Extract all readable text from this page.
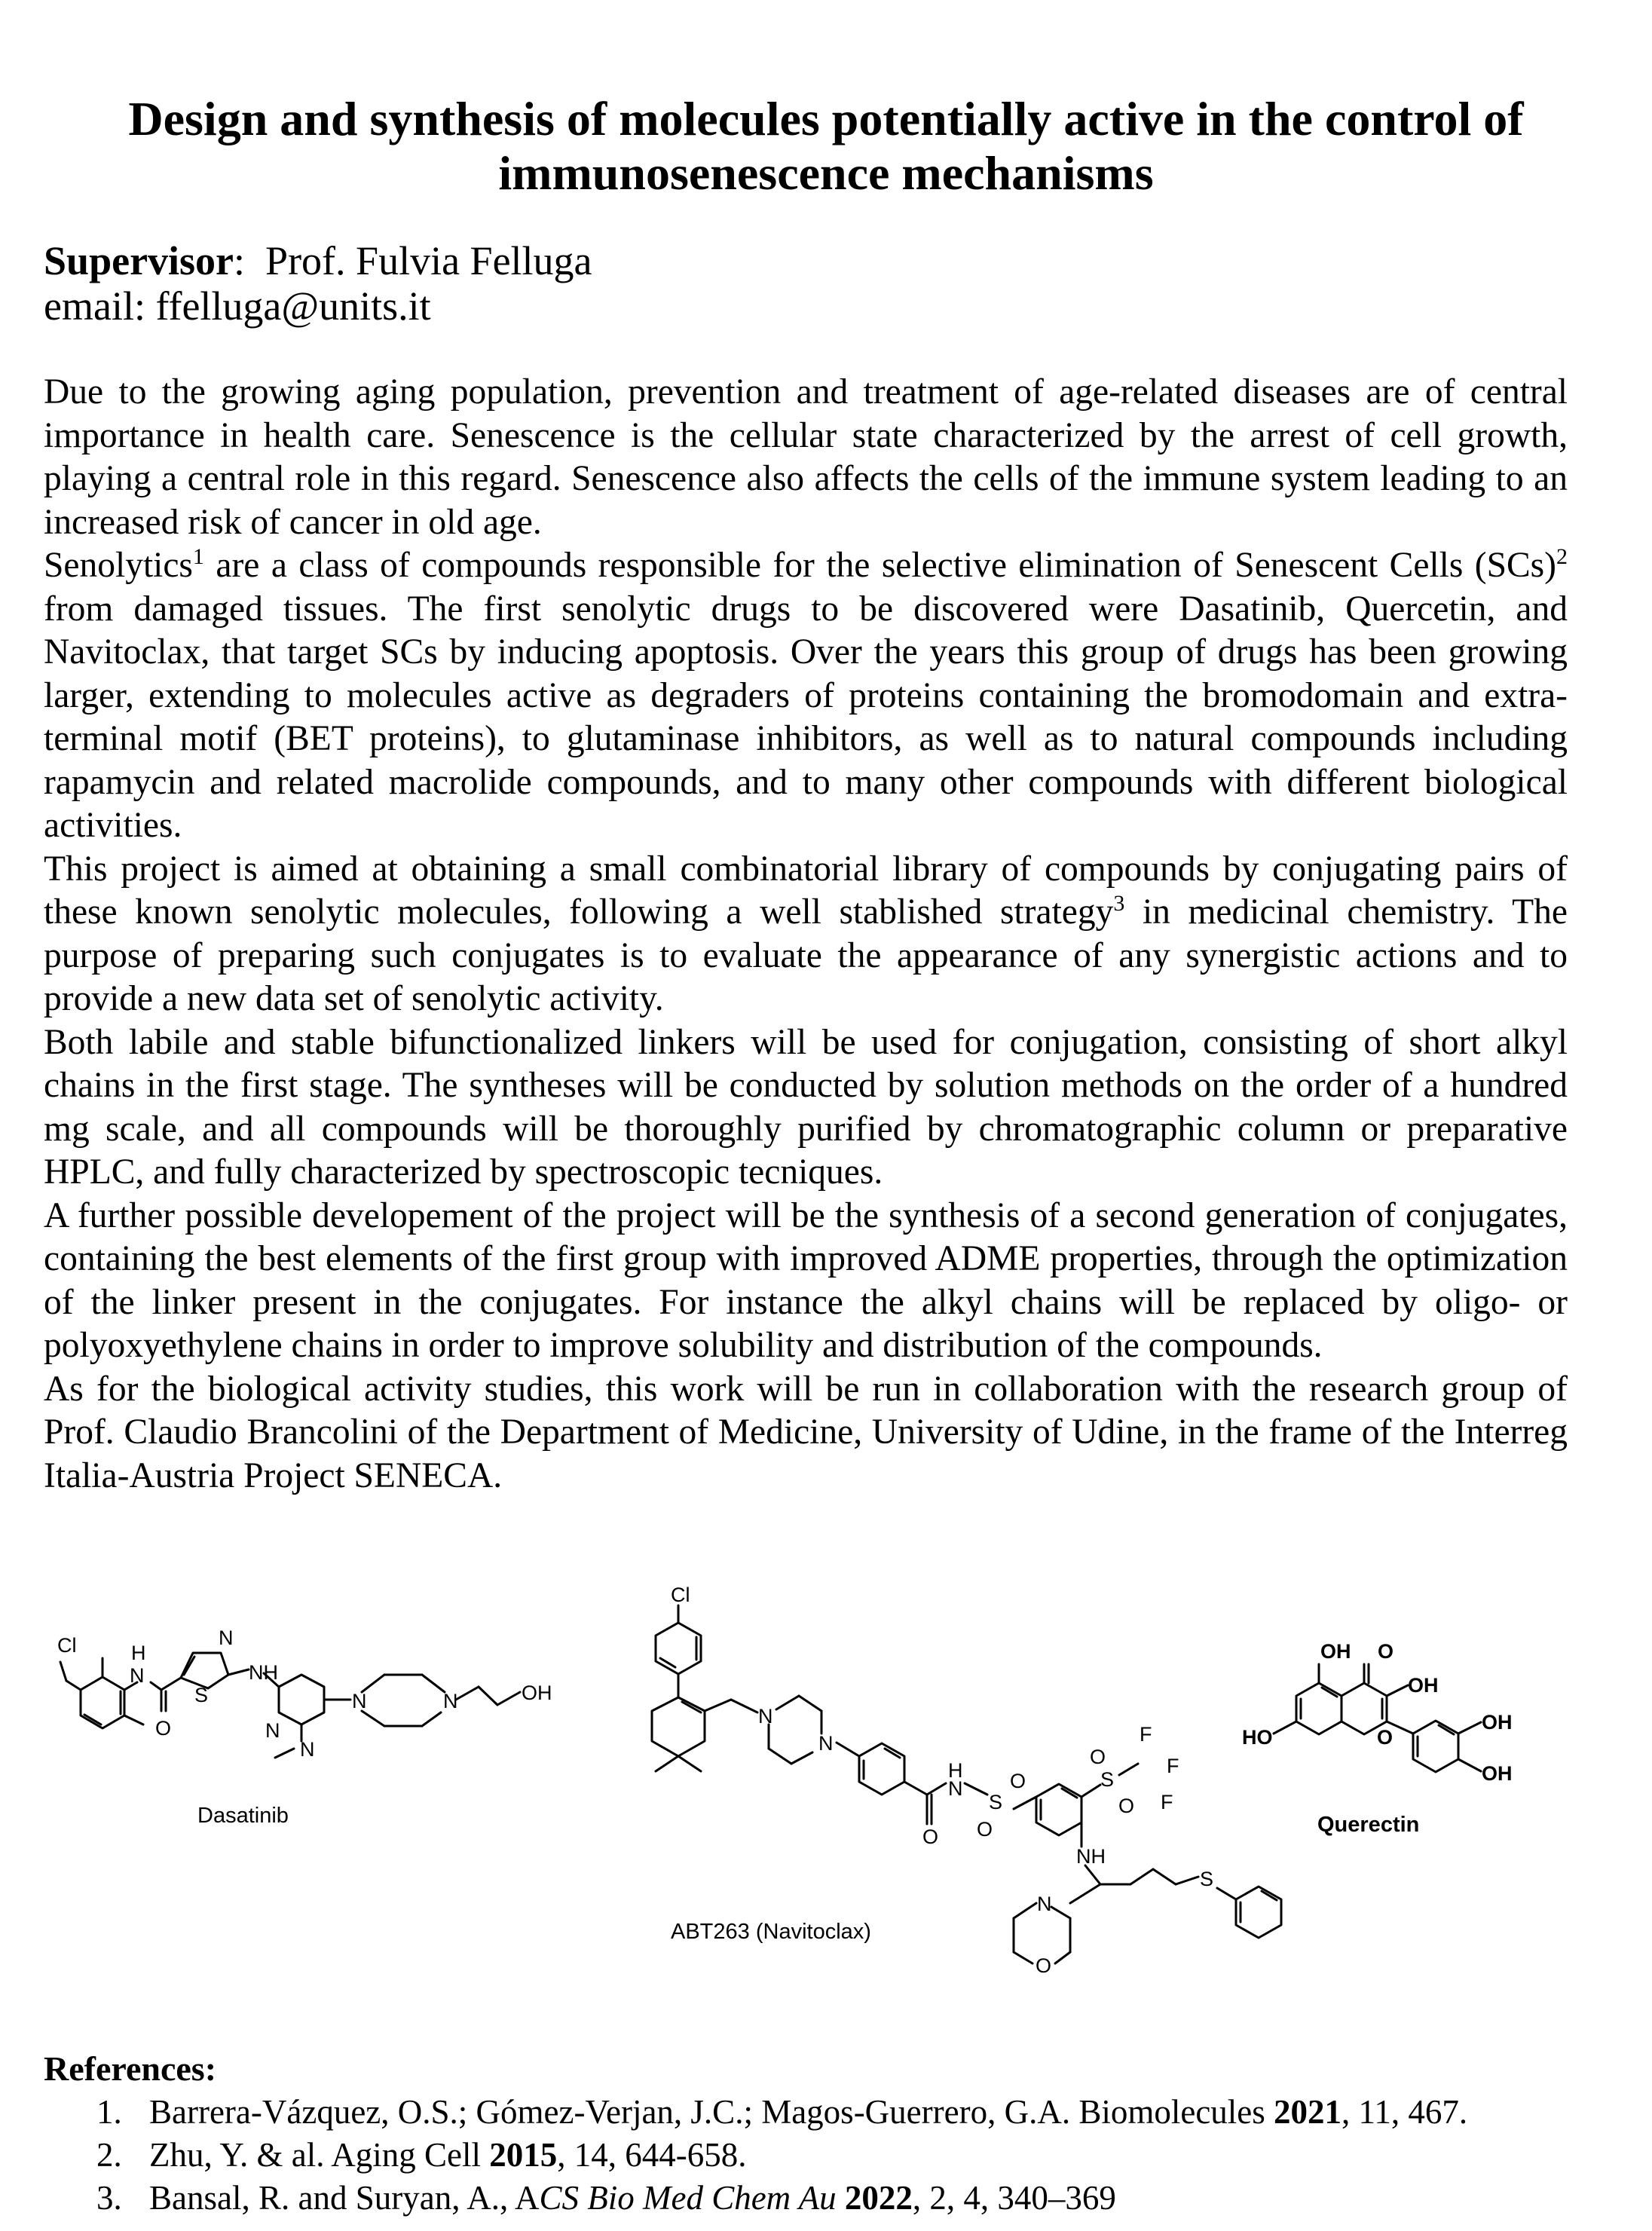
Design and synthesis of molecules potentially active in the control of immunosenescence mechanisms
Supervisor:  Prof. Fulvia Felluga
email: ffelluga@units.it

Due to the growing aging population, prevention and treatment of age-related diseases are of central importance in health care. Senescence is the cellular state characterized by the arrest of cell growth, playing a central role in this regard. Senescence also affects the cells of the immune system leading to an increased risk of cancer in old age.

Senolytics$^1$ are a class of compounds responsible for the selective elimination of Senescent Cells (SCs)$^2$ from damaged tissues. The first senolytic drugs to be discovered were Dasatinib, Quercetin, and Navitoclax, that target SCs by inducing apoptosis. Over the years this group of drugs has been growing larger, extending to molecules active as degraders of proteins containing the bromodomain and extra-terminal motif (BET proteins), to glutaminase inhibitors, as well as to natural compounds including rapamycin and related macrolide compounds, and to many other compounds with different biological activities.

This project is aimed at obtaining a small combinatorial library of compounds by conjugating pairs of these known senolytic molecules, following a well stablished strategy$^3$ in medicinal chemistry. The purpose of preparing such conjugates is to evaluate the appearance of any synergistic actions and to provide a new data set of senolytic activity.

Both labile and stable bifunctionalized linkers will be used for conjugation, consisting of short alkyl chains in the first stage. The syntheses will be conducted by solution methods on the order of a hundred mg scale, and all compounds will be thoroughly purified by chromatographic column or preparative HPLC, and fully characterized by spectroscopic tecniques.

A further possible developement of the project will be the synthesis of a second generation of conjugates, containing the best elements of the first group with improved ADME properties, through the optimization of the linker present in the conjugates. For instance the alkyl chains will be replaced by oligo- or polyoxyethylene chains in order to improve solubility and distribution of the compounds.

As for the biological activity studies, this work will be run in collaboration with the research group of Prof. Claudio Brancolini of the Department of Medicine, University of Udine, in the frame of the Interreg Italia-Austria Project SENECA.

Cl	H
N
O
N
S
NH
N
N
N	N	OH
Dasatinib
Cl
N
N
H
N
O
S
O
O
S
O
O
F
F
F
NH
N
O
S
ABT263 (Navitoclax)
OH O
OH
HO	O
OH
OH
Querectin
References:
1. Barrera-Vázquez, O.S.; Gómez-Verjan, J.C.; Magos-Guerrero, G.A. Biomolecules 2021, 11, 467.
2. Zhu, Y. & al. Aging Cell 2015, 14, 644-658.
3. Bansal, R. and Suryan, A., ACS Bio Med Chem Au 2022, 2, 4, 340–369
